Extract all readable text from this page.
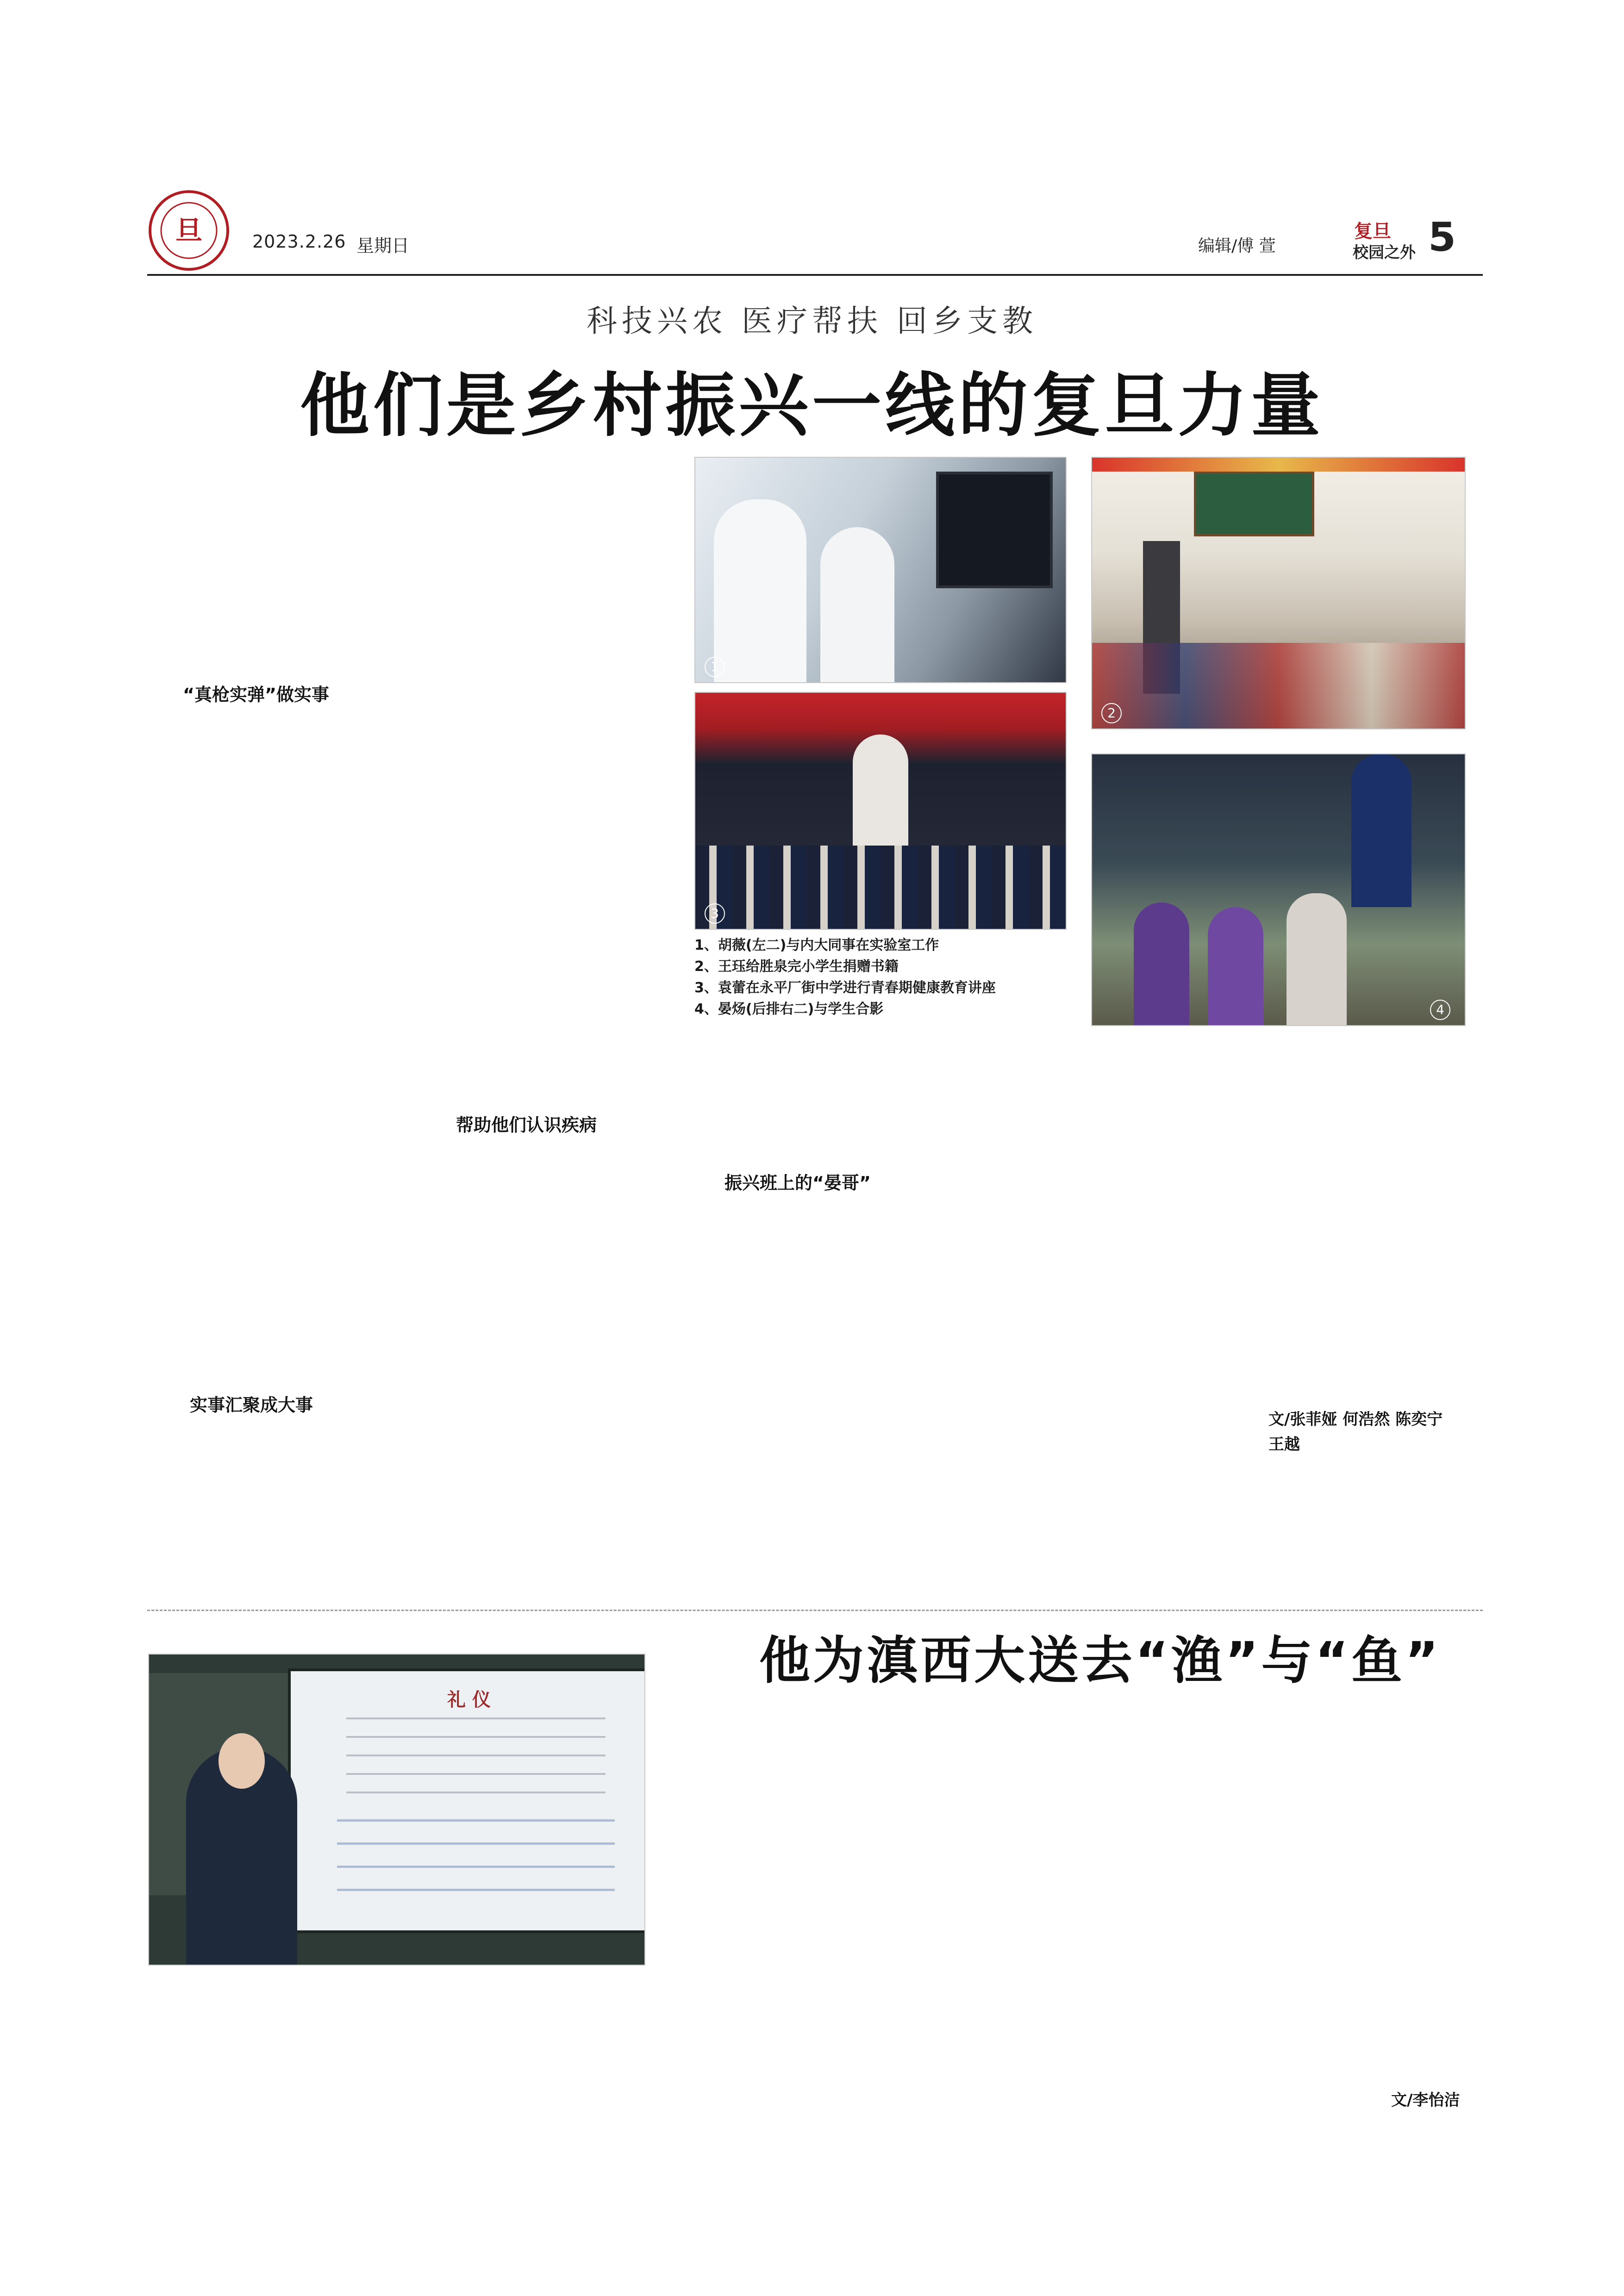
旦	2023.2.26 星期日	编辑/傅 萱
复旦
校园之外 5
科技兴农 医疗帮扶 回乡支教
他们是乡村振兴一线的复旦力量
“真枪实弹”做实事
实事汇聚成大事
帮助他们认识疾病
振兴班上的“晏哥”
1
2
3
4
1、胡薇(左二)与内大同事在实验室工作
2、王珏给胜泉完小学生捐赠书籍
3、袁蕾在永平厂街中学进行青春期健康教育讲座
4、晏炀(后排右二)与学生合影
文/张菲娅 何浩然 陈奕宁 王越
他为滇西大送去“渔”与“鱼”
礼 仪
文/李怡洁
